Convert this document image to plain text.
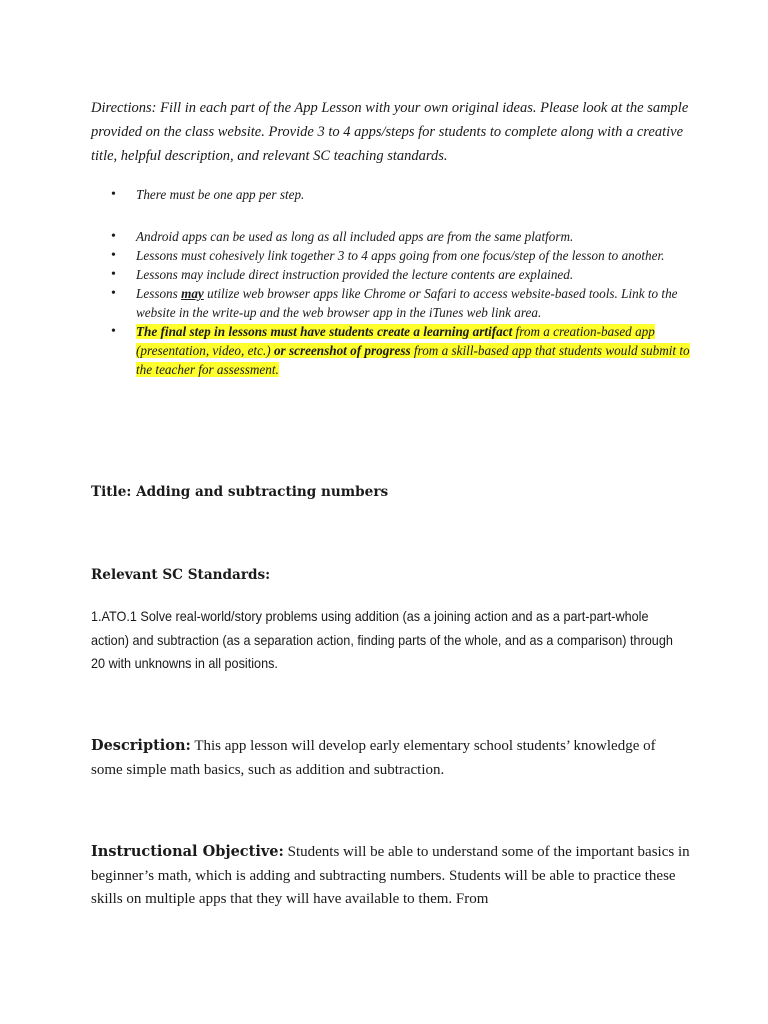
Directions: Fill in each part of the App Lesson with your own original ideas. Please look at the sample provided on the class website. Provide 3 to 4 apps/steps for students to complete along with a creative title, helpful description, and relevant SC teaching standards.

• There must be one app per step.
• Android apps can be used as long as all included apps are from the same platform.
• Lessons must cohesively link together 3 to 4 apps going from one focus/step of the lesson to another.
• Lessons may include direct instruction provided the lecture contents are explained.
• Lessons may utilize web browser apps like Chrome or Safari to access website-based tools. Link to the website in the write-up and the web browser app in the iTunes web link area.
• The final step in lessons must have students create a learning artifact from a creation-based app (presentation, video, etc.) or screenshot of progress from a skill-based app that students would submit to the teacher for assessment.

Title: Adding and subtracting numbers

Relevant SC Standards:

1.ATO.1 Solve real-world/story problems using addition (as a joining action and as a part-part-whole action) and subtraction (as a separation action, finding parts of the whole, and as a comparison) through 20 with unknowns in all positions.

Description: This app lesson will develop early elementary school students’ knowledge of some simple math basics, such as addition and subtraction.

Instructional Objective: Students will be able to understand some of the important basics in beginner’s math, which is adding and subtracting numbers. Students will be able to practice these skills on multiple apps that they will have available to them. From
